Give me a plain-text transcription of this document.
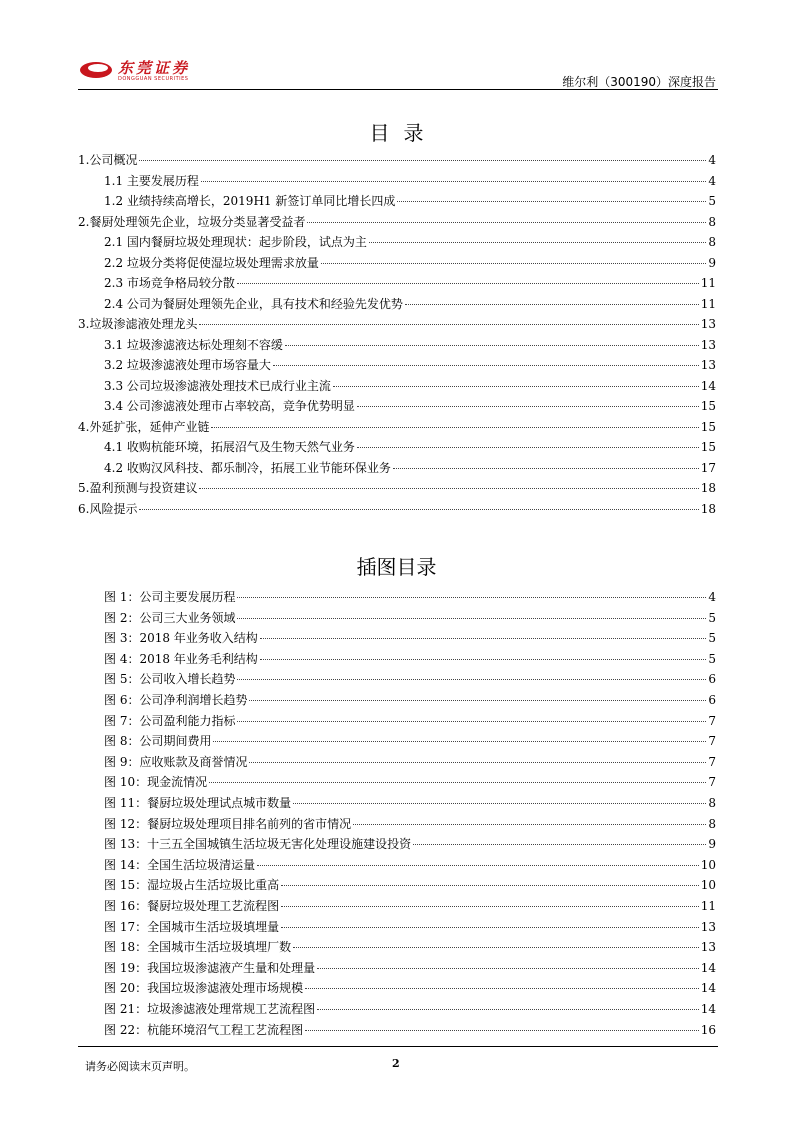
东莞证券
DONGGUAN SECURITIES	维尔利（300190）深度报告
目录
1.公司概况	4
1.1 主要发展历程	4
1.2 业绩持续高增长，2019H1 新签订单同比增长四成	5
2.餐厨处理领先企业，垃圾分类显著受益者	8
2.1 国内餐厨垃圾处理现状：起步阶段，试点为主	8
2.2 垃圾分类将促使湿垃圾处理需求放量	9
2.3 市场竞争格局较分散	11
2.4 公司为餐厨处理领先企业，具有技术和经验先发优势	11
3.垃圾渗滤液处理龙头	13
3.1 垃圾渗滤液达标处理刻不容缓	13
3.2 垃圾渗滤液处理市场容量大	13
3.3 公司垃圾渗滤液处理技术已成行业主流	14
3.4 公司渗滤液处理市占率较高，竞争优势明显	15
4.外延扩张，延伸产业链	15
4.1 收购杭能环境，拓展沼气及生物天然气业务	15
4.2 收购汉风科技、都乐制冷，拓展工业节能环保业务	17
5.盈利预测与投资建议	18
6.风险提示	18
插图目录
图 1：公司主要发展历程	4
图 2：公司三大业务领域	5
图 3：2018 年业务收入结构	5
图 4：2018 年业务毛利结构	5
图 5：公司收入增长趋势	6
图 6：公司净利润增长趋势	6
图 7：公司盈利能力指标	7
图 8：公司期间费用	7
图 9：应收账款及商誉情况	7
图 10：现金流情况	7
图 11：餐厨垃圾处理试点城市数量	8
图 12：餐厨垃圾处理项目排名前列的省市情况	8
图 13：十三五全国城镇生活垃圾无害化处理设施建设投资	9
图 14：全国生活垃圾清运量	10
图 15：湿垃圾占生活垃圾比重高	10
图 16：餐厨垃圾处理工艺流程图	11
图 17：全国城市生活垃圾填埋量	13
图 18：全国城市生活垃圾填埋厂数	13
图 19：我国垃圾渗滤液产生量和处理量	14
图 20：我国垃圾渗滤液处理市场规模	14
图 21：垃圾渗滤液处理常规工艺流程图	14
图 22：杭能环境沼气工程工艺流程图	16
请务必阅读末页声明。	2
